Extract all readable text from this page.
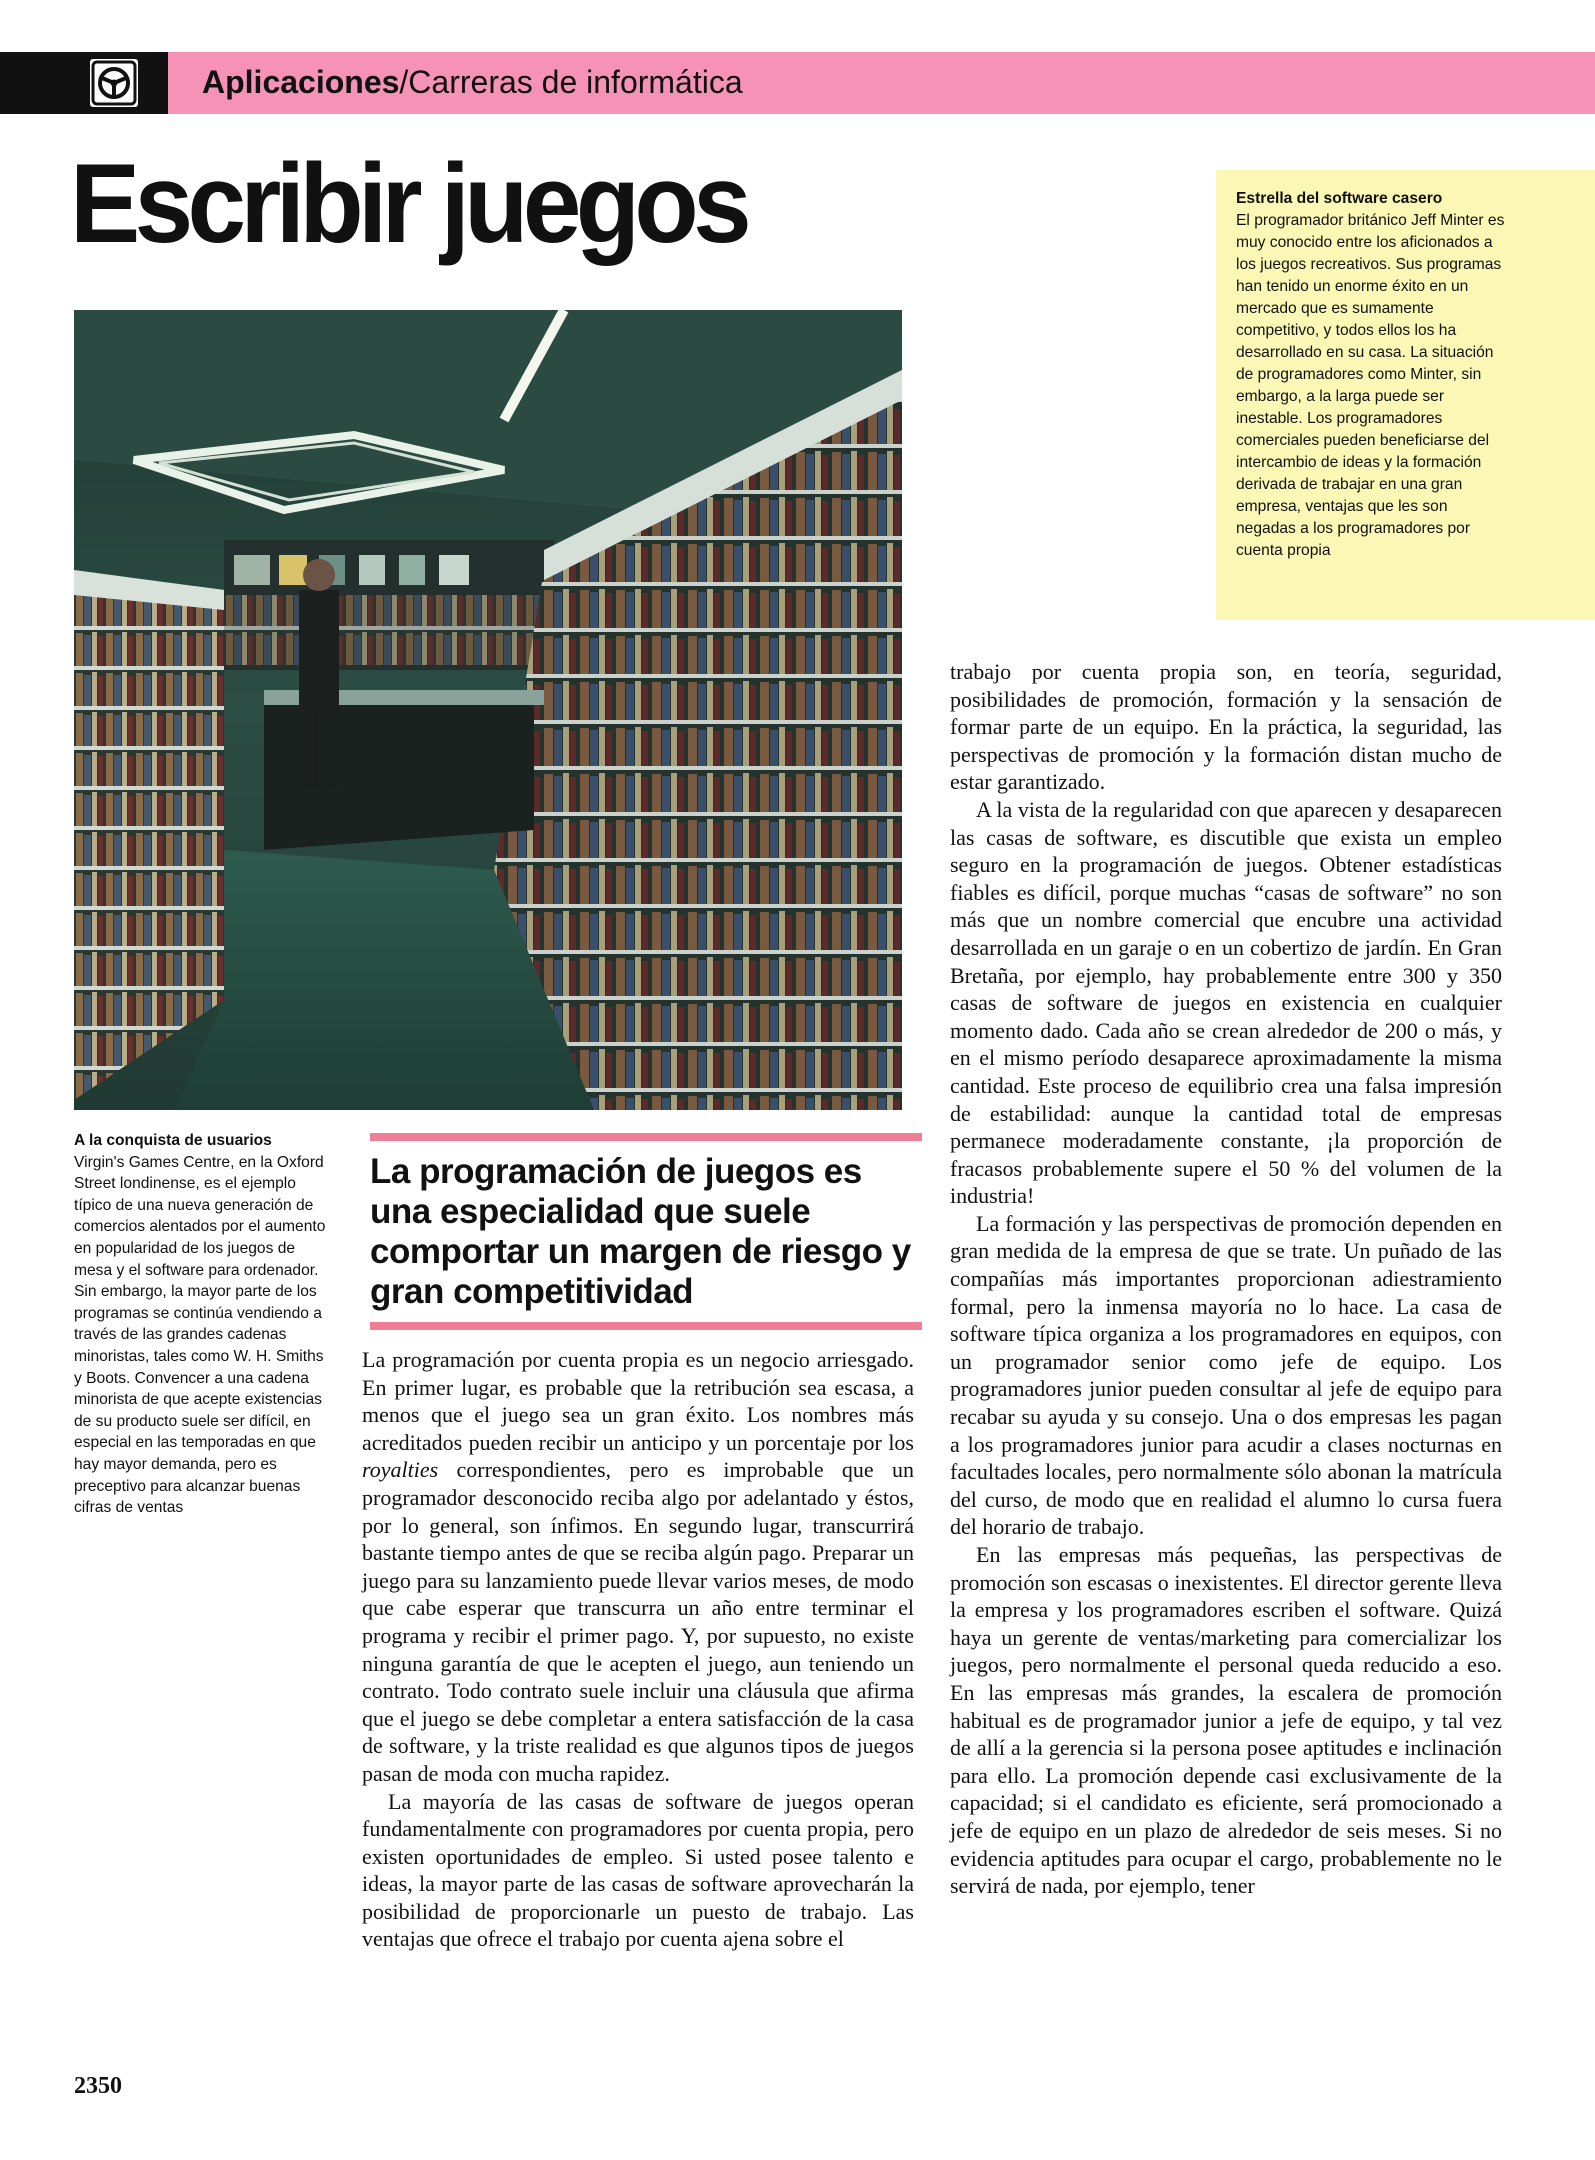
Aplicaciones/Carreras de informática
Escribir juegos	Estrella del software casero
El programador británico Jeff Minter es muy conocido entre los aficionados a los juegos recreativos. Sus programas han tenido un enorme éxito en un mercado que es sumamente competitivo, y todos ellos los ha desarrollado en su casa. La situación de programadores como Minter, sin embargo, a la larga puede ser inestable. Los programadores comerciales pueden beneficiarse del intercambio de ideas y la formación derivada de trabajar en una gran empresa, ventajas que les son negadas a los programadores por cuenta propia
A la conquista de usuarios
Virgin's Games Centre, en la Oxford Street londinense, es el ejemplo típico de una nueva generación de comercios alentados por el aumento en popularidad de los juegos de mesa y el software para ordenador. Sin embargo, la mayor parte de los programas se continúa vendiendo a través de las grandes cadenas minoristas, tales como W. H. Smiths y Boots. Convencer a una cadena minorista de que acepte existencias de su producto suele ser difícil, en especial en las temporadas en que hay mayor demanda, pero es preceptivo para alcanzar buenas cifras de ventas
La programación de juegos es una especialidad que suele comportar un margen de riesgo y gran competitividad

La programación por cuenta propia es un negocio arriesgado. En primer lugar, es probable que la retribución sea escasa, a menos que el juego sea un gran éxito. Los nombres más acreditados pueden recibir un anticipo y un porcentaje por los royalties correspondientes, pero es improbable que un programador desconocido reciba algo por adelantado y éstos, por lo general, son ínfimos. En segundo lugar, transcurrirá bastante tiempo antes de que se reciba algún pago. Preparar un juego para su lanzamiento puede llevar varios meses, de modo que cabe esperar que transcurra un año entre terminar el programa y recibir el primer pago. Y, por supuesto, no existe ninguna garantía de que le acepten el juego, aun teniendo un contrato. Todo contrato suele incluir una cláusula que afirma que el juego se debe completar a entera satisfacción de la casa de software, y la triste realidad es que algunos tipos de juegos pasan de moda con mucha rapidez.

La mayoría de las casas de software de juegos operan fundamentalmente con programadores por cuenta propia, pero existen oportunidades de empleo. Si usted posee talento e ideas, la mayor parte de las casas de software aprovecharán la posibilidad de proporcionarle un puesto de trabajo. Las ventajas que ofrece el trabajo por cuenta ajena sobre el

trabajo por cuenta propia son, en teoría, seguridad, posibilidades de promoción, formación y la sensación de formar parte de un equipo. En la práctica, la seguridad, las perspectivas de promoción y la formación distan mucho de estar garantizado.

A la vista de la regularidad con que aparecen y desaparecen las casas de software, es discutible que exista un empleo seguro en la programación de juegos. Obtener estadísticas fiables es difícil, porque muchas “casas de software” no son más que un nombre comercial que encubre una actividad desarrollada en un garaje o en un cobertizo de jardín. En Gran Bretaña, por ejemplo, hay probablemente entre 300 y 350 casas de software de juegos en existencia en cualquier momento dado. Cada año se crean alrededor de 200 o más, y en el mismo período desaparece aproximadamente la misma cantidad. Este proceso de equilibrio crea una falsa impresión de estabilidad: aunque la cantidad total de empresas permanece moderadamente constante, ¡la proporción de fracasos probablemente supere el 50 % del volumen de la industria!

La formación y las perspectivas de promoción dependen en gran medida de la empresa de que se trate. Un puñado de las compañías más importantes proporcionan adiestramiento formal, pero la inmensa mayoría no lo hace. La casa de software típica organiza a los programadores en equipos, con un programador senior como jefe de equipo. Los programadores junior pueden consultar al jefe de equipo para recabar su ayuda y su consejo. Una o dos empresas les pagan a los programadores junior para acudir a clases nocturnas en facultades locales, pero normalmente sólo abonan la matrícula del curso, de modo que en realidad el alumno lo cursa fuera del horario de trabajo.

En las empresas más pequeñas, las perspectivas de promoción son escasas o inexistentes. El director gerente lleva la empresa y los programadores escriben el software. Quizá haya un gerente de ventas/marketing para comercializar los juegos, pero normalmente el personal queda reducido a eso. En las empresas más grandes, la escalera de promoción habitual es de programador junior a jefe de equipo, y tal vez de allí a la gerencia si la persona posee aptitudes e inclinación para ello. La promoción depende casi exclusivamente de la capacidad; si el candidato es eficiente, será promocionado a jefe de equipo en un plazo de alrededor de seis meses. Si no evidencia aptitudes para ocupar el cargo, probablemente no le servirá de nada, por ejemplo, tener

2350
